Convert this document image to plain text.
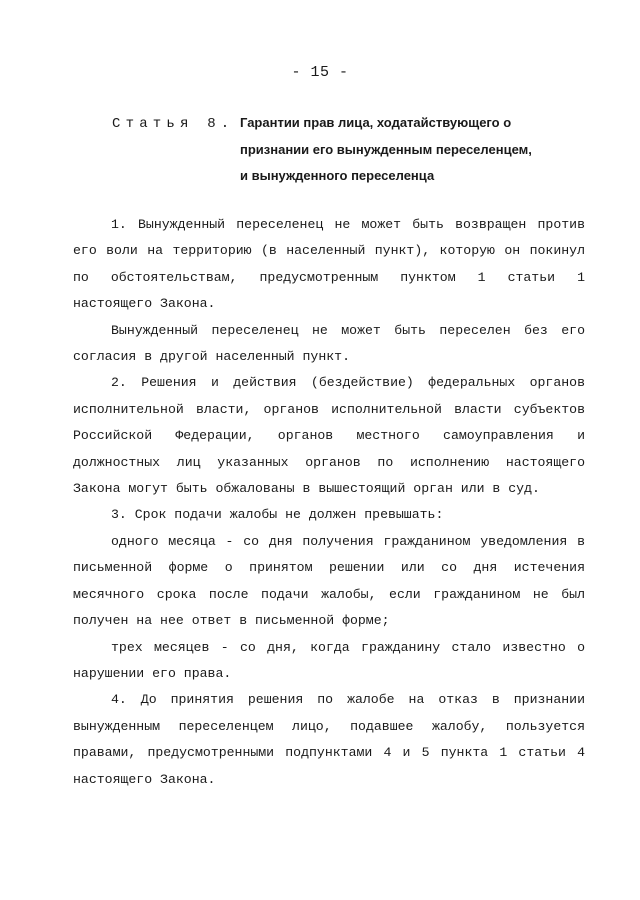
- 15 -
Статья 8. Гарантии прав лица, ходатайствующего о
признании его вынужденным переселенцем,
и вынужденного переселенца

1. Вынужденный переселенец не может быть возвращен против его воли на территорию (в населенный пункт), которую он покинул по обстоятельствам, предусмотренным пунктом 1 статьи 1 настоящего Закона.

Вынужденный переселенец не может быть переселен без его согласия в другой населенный пункт.

2. Решения и действия (бездействие) федеральных органов исполнительной власти, органов исполнительной власти субъектов Российской Федерации, органов местного самоуправления и должностных лиц указанных органов по исполнению настоящего Закона могут быть обжалованы в вышестоящий орган или в суд.

3. Срок подачи жалобы не должен превышать:

одного месяца - со дня получения гражданином уведомления в письменной форме о принятом решении или со дня истечения месячного срока после подачи жалобы, если гражданином не был получен на нее ответ в письменной форме;

трех месяцев - со дня, когда гражданину стало известно о нарушении его права.

4. До принятия решения по жалобе на отказ в признании вынужденным переселенцем лицо, подавшее жалобу, пользуется правами, предусмотренными подпунктами 4 и 5 пункта 1 статьи 4 настоящего Закона.
